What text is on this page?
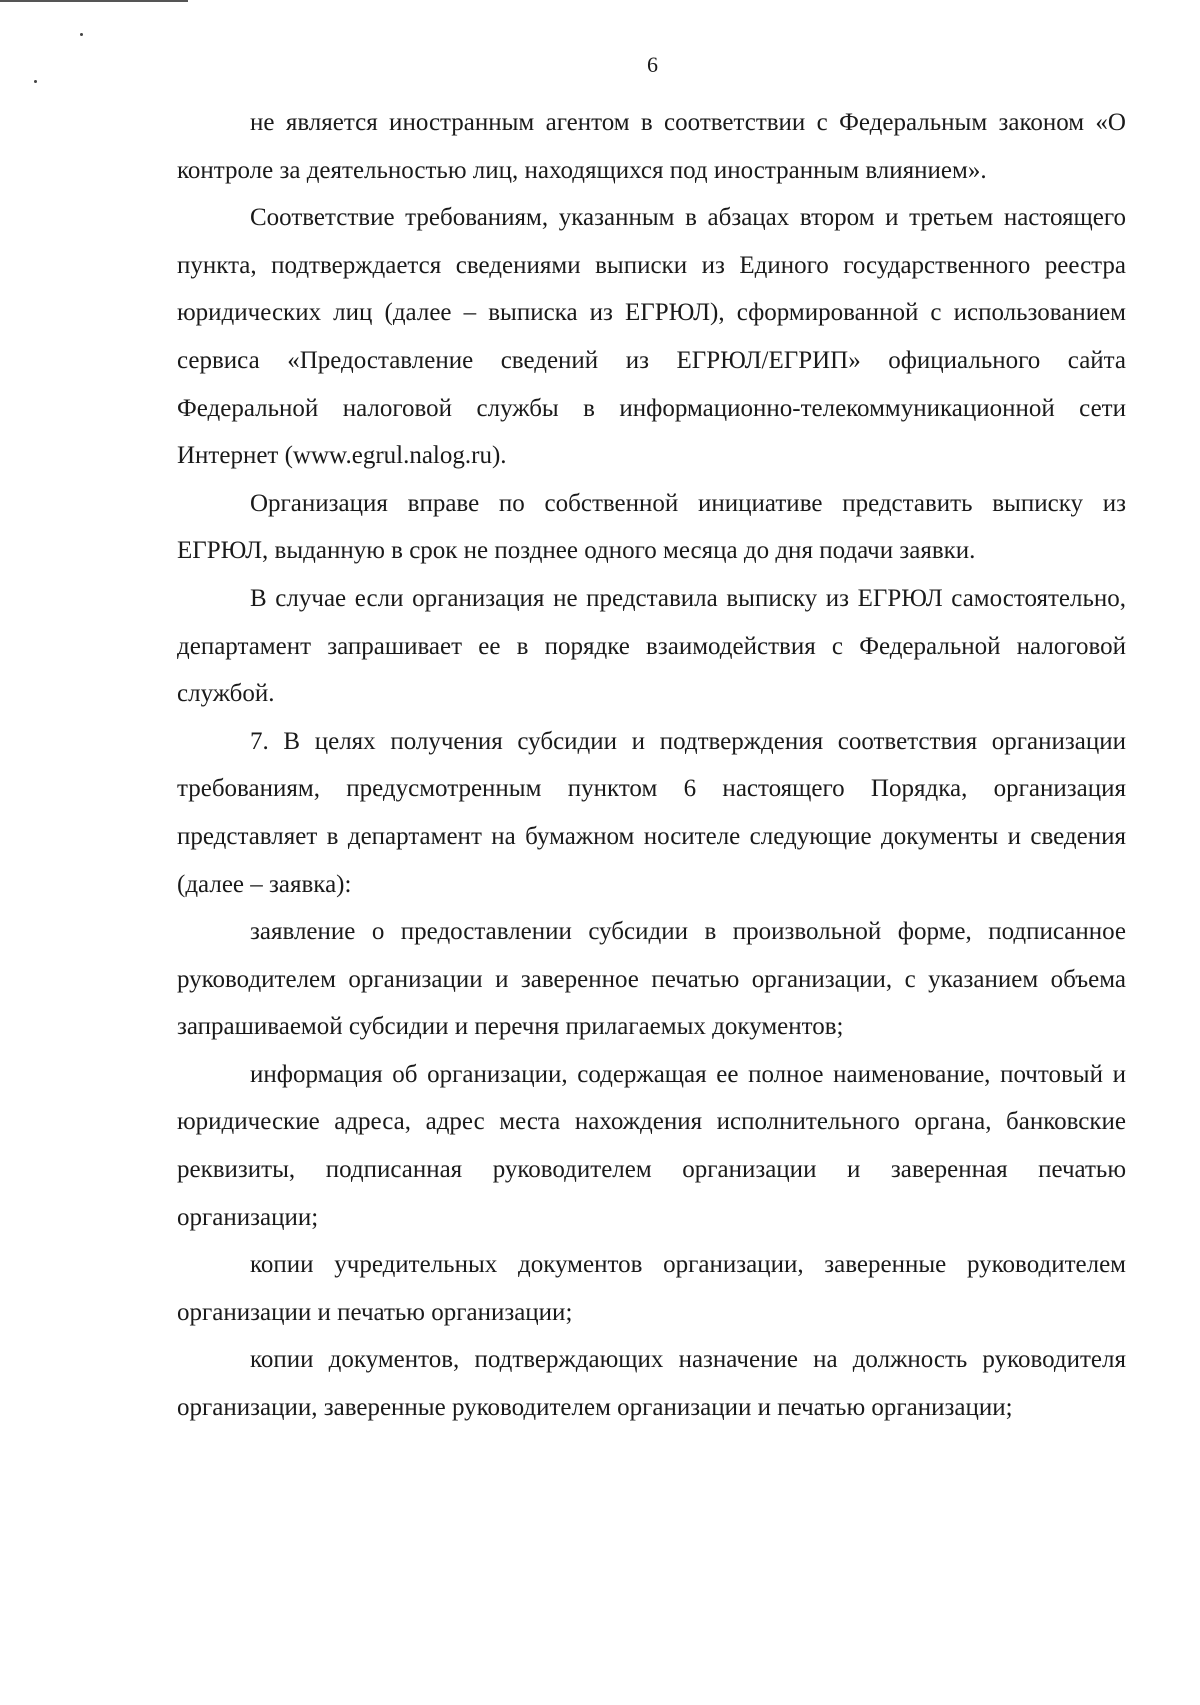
6

не является иностранным агентом в соответствии с Федеральным законом «О контроле за деятельностью лиц, находящихся под иностранным влиянием».

Соответствие требованиям, указанным в абзацах втором и третьем настоящего пункта, подтверждается сведениями выписки из Единого государственного реестра юридических лиц (далее – выписка из ЕГРЮЛ), сформированной с использованием сервиса «Предоставление сведений из ЕГРЮЛ/ЕГРИП» официального сайта Федеральной налоговой службы в информационно-телекоммуникационной сети Интернет (www.egrul.nalog.ru).

Организация вправе по собственной инициативе представить выписку из ЕГРЮЛ, выданную в срок не позднее одного месяца до дня подачи заявки.

В случае если организация не представила выписку из ЕГРЮЛ самостоятельно, департамент запрашивает ее в порядке взаимодействия с Федеральной налоговой службой.

7. В целях получения субсидии и подтверждения соответствия организации требованиям, предусмотренным пунктом 6 настоящего Порядка, организация представляет в департамент на бумажном носителе следующие документы и сведения (далее – заявка):

заявление о предоставлении субсидии в произвольной форме, подписанное руководителем организации и заверенное печатью организации, с указанием объема запрашиваемой субсидии и перечня прилагаемых документов;

информация об организации, содержащая ее полное наименование, почтовый и юридические адреса, адрес места нахождения исполнительного органа, банковские реквизиты, подписанная руководителем организации и заверенная печатью организации;

копии учредительных документов организации, заверенные руководителем организации и печатью организации;

копии документов, подтверждающих назначение на должность руководителя организации, заверенные руководителем организации и печатью организации;
